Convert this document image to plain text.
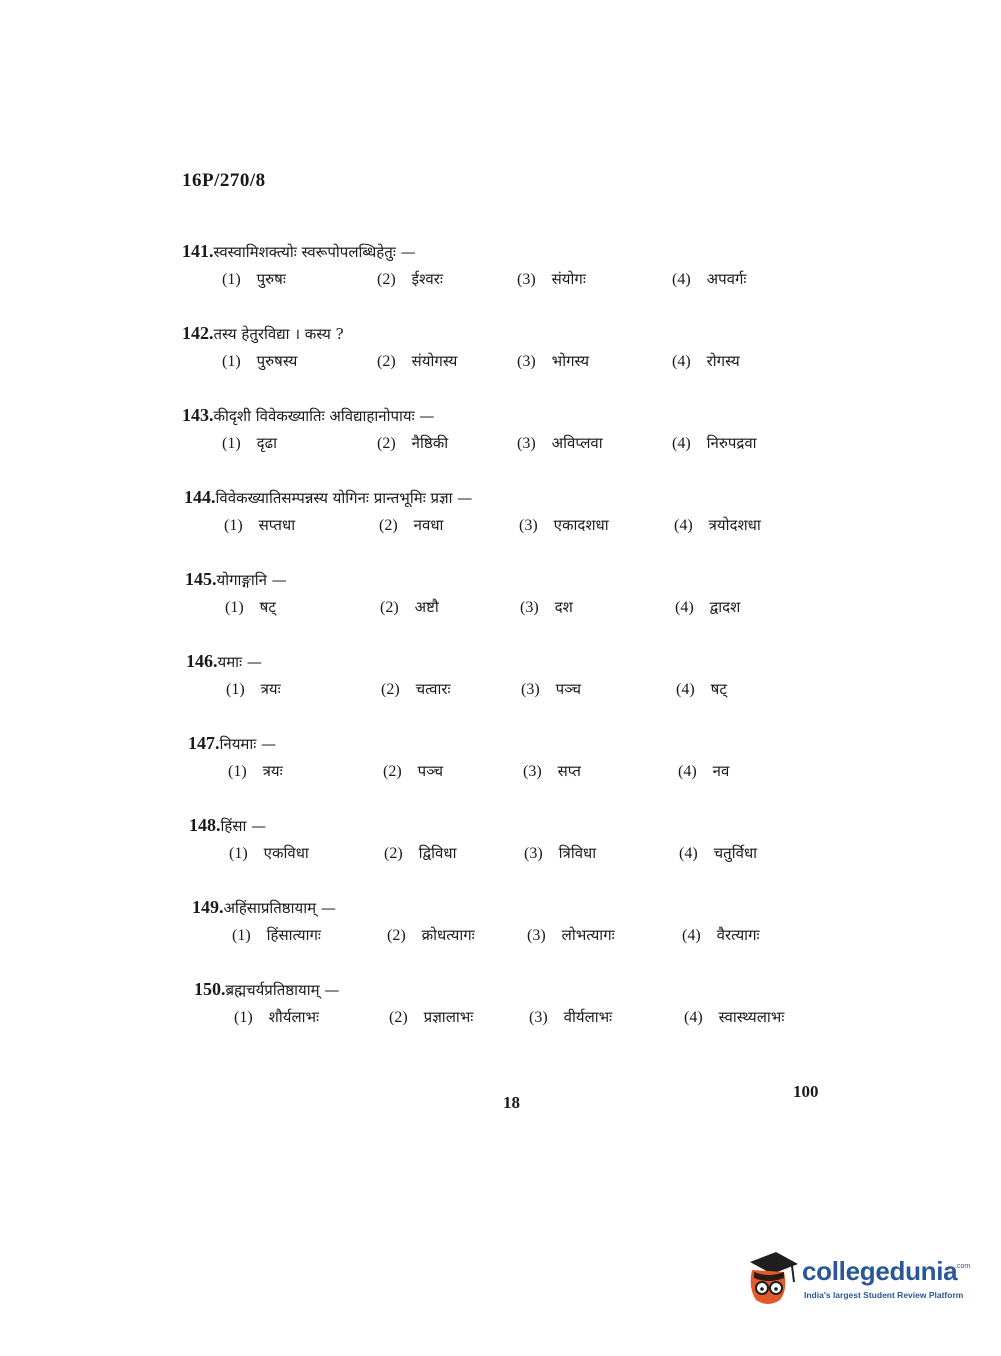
16P/270/8
141.स्वस्वामिशक्त्योः स्वरूपोपलब्धिहेतुः —
(1) पुरुषः	(2) ईश्वरः	(3) संयोगः	(4) अपवर्गः
142.तस्य हेतुरविद्या । कस्य ?
(1) पुरुषस्य	(2) संयोगस्य	(3) भोगस्य	(4) रोगस्य
143.कीदृशी विवेकख्यातिः अविद्याहानोपायः —
(1) दृढा	(2) नैष्ठिकी	(3) अविप्लवा	(4) निरुपद्रवा
144.विवेकख्यातिसम्पन्नस्य योगिनः प्रान्तभूमिः प्रज्ञा —
(1) सप्तधा	(2) नवधा	(3) एकादशधा	(4) त्रयोदशधा
145.योगाङ्गानि —
(1) षट्	(2) अष्टौ	(3) दश	(4) द्वादश
146.यमाः —
(1) त्रयः	(2) चत्वारः	(3) पञ्च	(4) षट्
147.नियमाः —
(1) त्रयः	(2) पञ्च	(3) सप्त	(4) नव
148.हिंसा —
(1) एकविधा	(2) द्विविधा	(3) त्रिविधा	(4) चतुर्विधा
149.अहिंसाप्रतिष्ठायाम् —
(1) हिंसात्यागः	(2) क्रोधत्यागः	(3) लोभत्यागः	(4) वैरत्यागः
150.ब्रह्मचर्यप्रतिष्ठायाम् —
(1) शौर्यलाभः	(2) प्रज्ञालाभः	(3) वीर्यलाभः	(4) स्वास्थ्यलाभः
18
100
collegedunia
.com
India's largest Student Review Platform
